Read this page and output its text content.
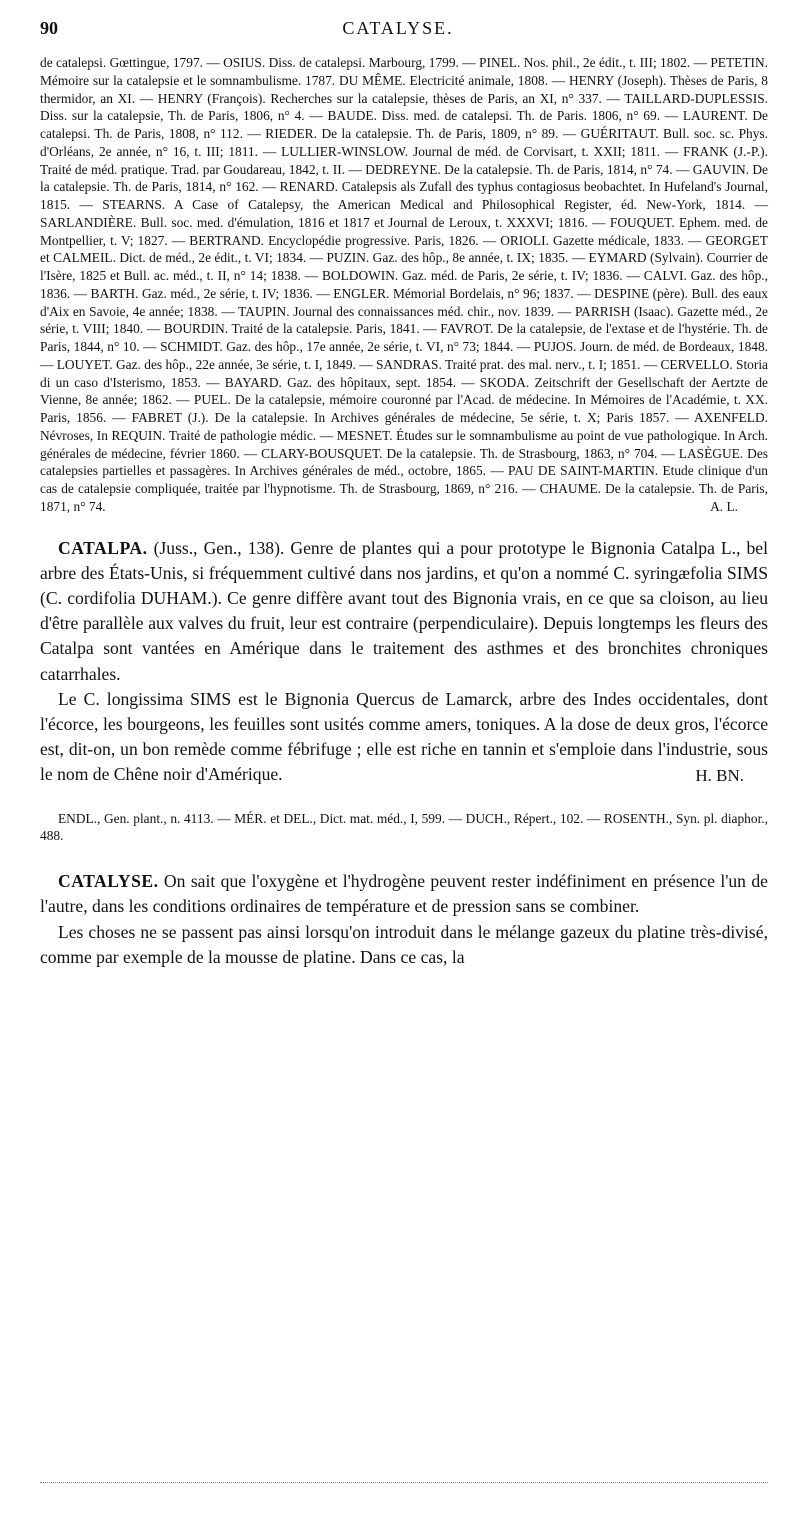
90	CATALYSE.
de catalepsi. Gœttingue, 1797. — OSIUS. Diss. de catalepsi. Marbourg, 1799. — PINEL. Nos. phil., 2e édit., t. III; 1802. — PETETIN. Mémoire sur la catalepsie et le somnambulisme. 1787. DU MÊME. Electricité animale, 1808. — HENRY (Joseph). Thèses de Paris, 8 thermidor, an XI. — HENRY (François). Recherches sur la catalepsie, thèses de Paris, an XI, n° 337. — TAILLARD-DUPLESSIS. Diss. sur la catalepsie, Th. de Paris, 1806, n° 4. — BAUDE. Diss. med. de catalepsi. Th. de Paris. 1806, n° 69. — LAURENT. De catalepsi. Th. de Paris, 1808, n° 112. — RIEDER. De la catalepsie. Th. de Paris, 1809, n° 89. — GUÉRITAUT. Bull. soc. sc. Phys. d'Orléans, 2e année, n° 16, t. III; 1811. — LULLIER-WINSLOW. Journal de méd. de Corvisart, t. XXII; 1811. — FRANK (J.-P.). Traité de méd. pratique. Trad. par Goudareau, 1842, t. II. — DEDREYNE. De la catalepsie. Th. de Paris, 1814, n° 74. — GAUVIN. De la catalepsie. Th. de Paris, 1814, n° 162. — RENARD. Catalepsis als Zufall des typhus contagiosus beobachtet. In Hufeland's Journal, 1815. — STEARNS. A Case of Catalepsy, the American Medical and Philosophical Register, éd. New-York, 1814. — SARLANDIÈRE. Bull. soc. med. d'émulation, 1816 et 1817 et Journal de Leroux, t. XXXVI; 1816. — FOUQUET. Ephem. med. de Montpellier, t. V; 1827. — BERTRAND. Encyclopédie progressive. Paris, 1826. — ORIOLI. Gazette médicale, 1833. — GEORGET et CALMEIL. Dict. de méd., 2e édit., t. VI; 1834. — PUZIN. Gaz. des hôp., 8e année, t. IX; 1835. — EYMARD (Sylvain). Courrier de l'Isère, 1825 et Bull. ac. méd., t. II, n° 14; 1838. — BOLDOWIN. Gaz. méd. de Paris, 2e série, t. IV; 1836. — CALVI. Gaz. des hôp., 1836. — BARTH. Gaz. méd., 2e série, t. IV; 1836. — ENGLER. Mémorial Bordelais, n° 96; 1837. — DESPINE (père). Bull. des eaux d'Aix en Savoie, 4e année; 1838. — TAUPIN. Journal des connaissances méd. chir., nov. 1839. — PARRISH (Isaac). Gazette méd., 2e série, t. VIII; 1840. — BOURDIN. Traité de la catalepsie. Paris, 1841. — FAVROT. De la catalepsie, de l'extase et de l'hystérie. Th. de Paris, 1844, n° 10. — SCHMIDT. Gaz. des hôp., 17e année, 2e série, t. VI, n° 73; 1844. — PUJOS. Journ. de méd. de Bordeaux, 1848. — LOUYET. Gaz. des hôp., 22e année, 3e série, t. I, 1849. — SANDRAS. Traité prat. des mal. nerv., t. I; 1851. — CERVELLO. Storia di un caso d'Isterismo, 1853. — BAYARD. Gaz. des hôpitaux, sept. 1854. — SKODA. Zeitschrift der Gesellschaft der Aertzte de Vienne, 8e année; 1862. — PUEL. De la catalepsie, mémoire couronné par l'Acad. de médecine. In Mémoires de l'Académie, t. XX. Paris, 1856. — FABRET (J.). De la catalepsie. In Archives générales de médecine, 5e série, t. X; Paris 1857. — AXENFELD. Névroses, In REQUIN. Traité de pathologie médic. — MESNET. Études sur le somnambulisme au point de vue pathologique. In Arch. générales de médecine, février 1860. — CLARY-BOUSQUET. De la catalepsie. Th. de Strasbourg, 1863, n° 704. — LASÈGUE. Des catalepsies partielles et passagères. In Archives générales de méd., octobre, 1865. — PAU DE SAINT-MARTIN. Etude clinique d'un cas de catalepsie compliquée, traitée par l'hypnotisme. Th. de Strasbourg, 1869, n° 216. — CHAUME. De la catalepsie. Th. de Paris, 1871, n° 74.	A. L.
CATALPA. (Juss., Gen., 138). Genre de plantes qui a pour prototype le Bignonia Catalpa L., bel arbre des États-Unis, si fréquemment cultivé dans nos jardins, et qu'on a nommé C. syringæfolia SIMS (C. cordifolia DUHAM.). Ce genre diffère avant tout des Bignonia vrais, en ce que sa cloison, au lieu d'être parallèle aux valves du fruit, leur est contraire (perpendiculaire). Depuis longtemps les fleurs des Catalpa sont vantées en Amérique dans le traitement des asthmes et des bronchites chroniques catarrhales.
Le C. longissima SIMS est le Bignonia Quercus de Lamarck, arbre des Indes occidentales, dont l'écorce, les bourgeons, les feuilles sont usités comme amers, toniques. A la dose de deux gros, l'écorce est, dit-on, un bon remède comme fébrifuge ; elle est riche en tannin et s'emploie dans l'industrie, sous le nom de Chêne noir d'Amérique.	H. BN.
ENDL., Gen. plant., n. 4113. — MÉR. et DEL., Dict. mat. méd., I, 599. — DUCH., Répert., 102. — ROSENTH., Syn. pl. diaphor., 488.
CATALYSE. On sait que l'oxygène et l'hydrogène peuvent rester indéfiniment en présence l'un de l'autre, dans les conditions ordinaires de température et de pression sans se combiner.
Les choses ne se passent pas ainsi lorsqu'on introduit dans le mélange gazeux du platine très-divisé, comme par exemple de la mousse de platine. Dans ce cas, la
